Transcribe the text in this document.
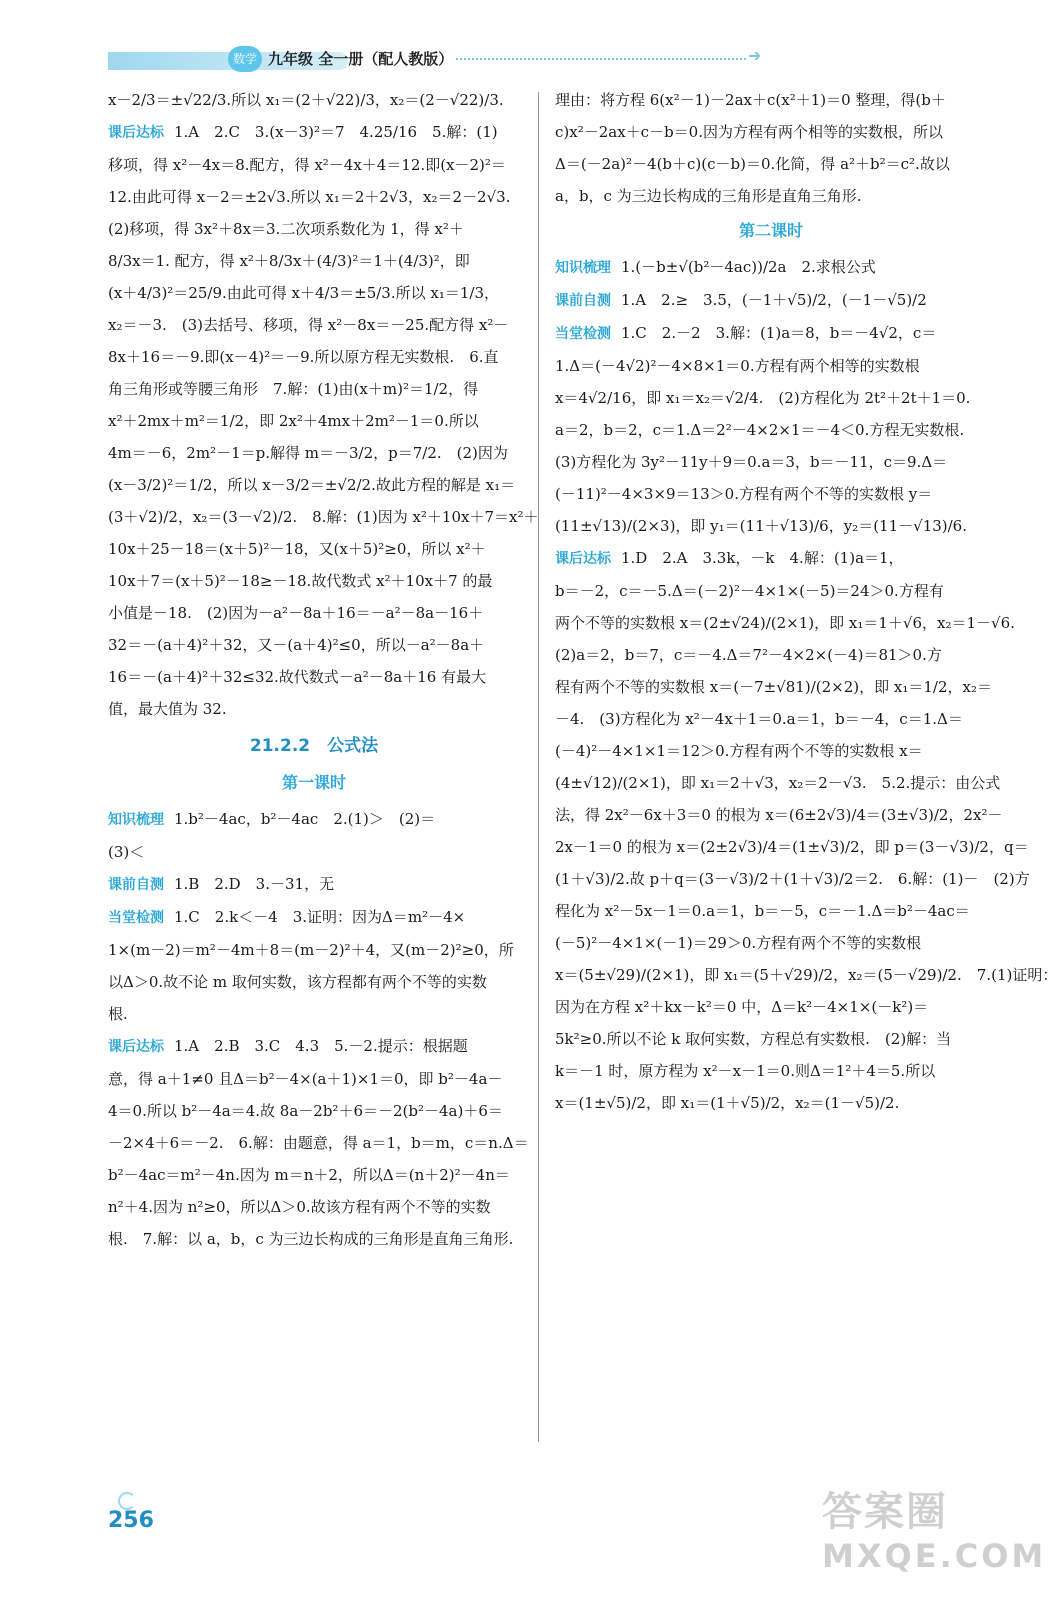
数学 九年级 全一册（配人教版）	➜
x－2/3＝±√22/3.所以 x₁＝(2＋√22)/3，x₂＝(2－√22)/3.
课后达标 1.A　2.C　3.(x－3)²＝7　4.25/16　5.解：(1)
移项，得 x²－4x＝8.配方，得 x²－4x＋4＝12.即(x－2)²＝
12.由此可得 x－2＝±2√3.所以 x₁＝2＋2√3，x₂＝2－2√3.
(2)移项，得 3x²＋8x＝3.二次项系数化为 1，得 x²＋
8/3x＝1. 配方，得 x²＋8/3x＋(4/3)²＝1＋(4/3)²，即
(x＋4/3)²＝25/9.由此可得 x＋4/3＝±5/3.所以 x₁＝1/3，
x₂＝－3.　(3)去括号、移项，得 x²－8x＝－25.配方得 x²－
8x＋16＝－9.即(x－4)²＝－9.所以原方程无实数根.　6.直
角三角形或等腰三角形　7.解：(1)由(x＋m)²＝1/2，得
x²＋2mx＋m²＝1/2，即 2x²＋4mx＋2m²－1＝0.所以
4m＝－6，2m²－1＝p.解得 m＝－3/2，p＝7/2.　(2)因为
(x－3/2)²＝1/2，所以 x－3/2＝±√2/2.故此方程的解是 x₁＝
(3＋√2)/2，x₂＝(3－√2)/2.　8.解：(1)因为 x²＋10x＋7＝x²＋
10x＋25－18＝(x＋5)²－18，又(x＋5)²≥0，所以 x²＋
10x＋7＝(x＋5)²－18≥－18.故代数式 x²＋10x＋7 的最
小值是－18.　(2)因为－a²－8a＋16＝－a²－8a－16＋
32＝－(a＋4)²＋32，又－(a＋4)²≤0，所以－a²－8a＋
16＝－(a＋4)²＋32≤32.故代数式－a²－8a＋16 有最大
值，最大值为 32.
21.2.2　公式法
第一课时
知识梳理 1.b²－4ac，b²－4ac　2.(1)＞　(2)＝
(3)＜
课前自测 1.B　2.D　3.－31，无
当堂检测 1.C　2.k＜－4　3.证明：因为Δ＝m²－4×
1×(m－2)＝m²－4m＋8＝(m－2)²＋4，又(m－2)²≥0，所
以Δ＞0.故不论 m 取何实数，该方程都有两个不等的实数
根.
课后达标 1.A　2.B　3.C　4.3　5.－2.提示：根据题
意，得 a＋1≠0 且Δ＝b²－4×(a＋1)×1＝0，即 b²－4a－
4＝0.所以 b²－4a＝4.故 8a－2b²＋6＝－2(b²－4a)＋6＝
－2×4＋6＝－2.　6.解：由题意，得 a＝1，b＝m，c＝n.Δ＝
b²－4ac＝m²－4n.因为 m＝n＋2，所以Δ＝(n＋2)²－4n＝
n²＋4.因为 n²≥0，所以Δ＞0.故该方程有两个不等的实数
根.　7.解：以 a，b，c 为三边长构成的三角形是直角三角形.
理由：将方程 6(x²－1)－2ax＋c(x²＋1)＝0 整理，得(b＋
c)x²－2ax＋c－b＝0.因为方程有两个相等的实数根，所以
Δ＝(－2a)²－4(b＋c)(c－b)＝0.化简，得 a²＋b²＝c².故以
a，b，c 为三边长构成的三角形是直角三角形.
第二课时
知识梳理 1.(－b±√(b²－4ac))/2a　2.求根公式
课前自测 1.A　2.≥　3.5，(－1＋√5)/2，(－1－√5)/2
当堂检测 1.C　2.－2　3.解：(1)a＝8，b＝－4√2，c＝
1.Δ＝(－4√2)²－4×8×1＝0.方程有两个相等的实数根
x＝4√2/16，即 x₁＝x₂＝√2/4.　(2)方程化为 2t²＋2t＋1＝0.
a＝2，b＝2，c＝1.Δ＝2²－4×2×1＝－4＜0.方程无实数根.
(3)方程化为 3y²－11y＋9＝0.a＝3，b＝－11，c＝9.Δ＝
(－11)²－4×3×9＝13＞0.方程有两个不等的实数根 y＝
(11±√13)/(2×3)，即 y₁＝(11＋√13)/6，y₂＝(11－√13)/6.
课后达标 1.D　2.A　3.3k，－k　4.解：(1)a＝1，
b＝－2，c＝－5.Δ＝(－2)²－4×1×(－5)＝24＞0.方程有
两个不等的实数根 x＝(2±√24)/(2×1)，即 x₁＝1＋√6，x₂＝1－√6.
(2)a＝2，b＝7，c＝－4.Δ＝7²－4×2×(－4)＝81＞0.方
程有两个不等的实数根 x＝(－7±√81)/(2×2)，即 x₁＝1/2，x₂＝
－4.　(3)方程化为 x²－4x＋1＝0.a＝1，b＝－4，c＝1.Δ＝
(－4)²－4×1×1＝12＞0.方程有两个不等的实数根 x＝
(4±√12)/(2×1)，即 x₁＝2＋√3，x₂＝2－√3.　5.2.提示：由公式
法，得 2x²－6x＋3＝0 的根为 x＝(6±2√3)/4＝(3±√3)/2，2x²－
2x－1＝0 的根为 x＝(2±2√3)/4＝(1±√3)/2，即 p＝(3－√3)/2，q＝
(1＋√3)/2.故 p＋q＝(3－√3)/2＋(1＋√3)/2＝2.　6.解：(1)－　(2)方
程化为 x²－5x－1＝0.a＝1，b＝－5，c＝－1.Δ＝b²－4ac＝
(－5)²－4×1×(－1)＝29＞0.方程有两个不等的实数根
x＝(5±√29)/(2×1)，即 x₁＝(5＋√29)/2，x₂＝(5－√29)/2.　7.(1)证明：
因为在方程 x²＋kx－k²＝0 中，Δ＝k²－4×1×(－k²)＝
5k²≥0.所以不论 k 取何实数，方程总有实数根.　(2)解：当
k＝－1 时，原方程为 x²－x－1＝0.则Δ＝1²＋4＝5.所以
x＝(1±√5)/2，即 x₁＝(1＋√5)/2，x₂＝(1－√5)/2.
256	答案圈
MXQE.COM
